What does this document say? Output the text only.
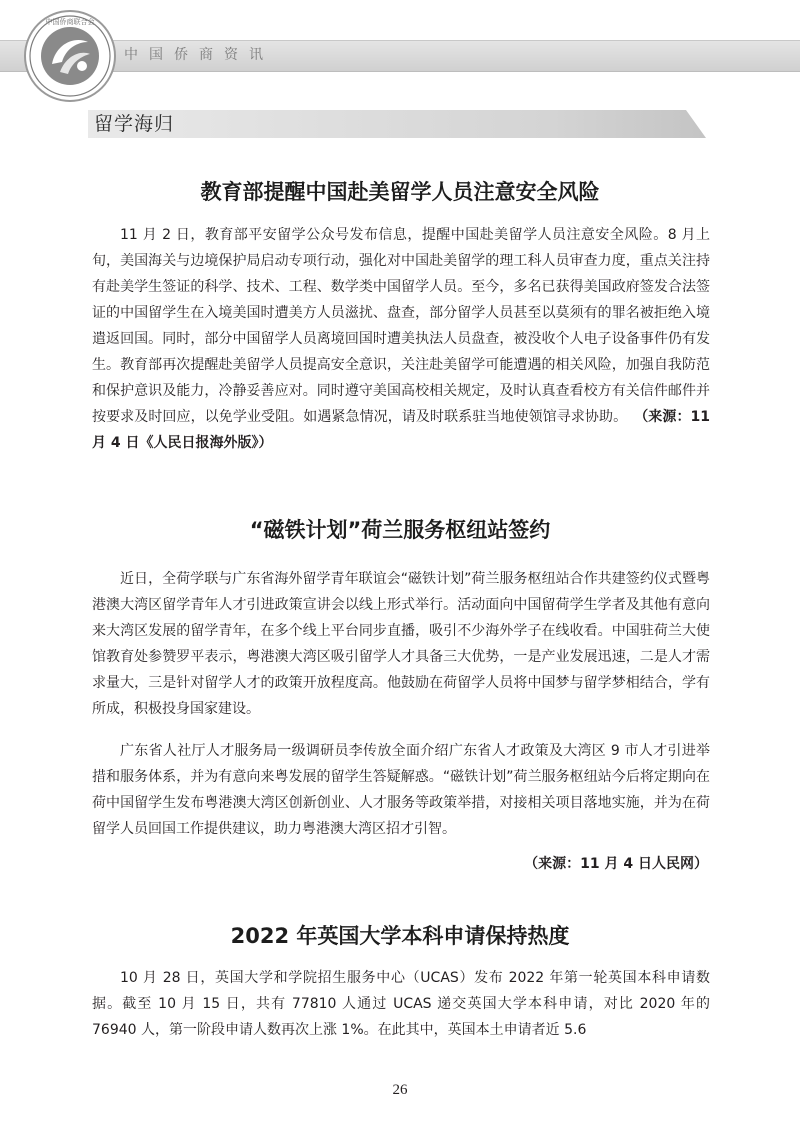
中国侨商资讯
中国侨商联合会
留学海归
教育部提醒中国赴美留学人员注意安全风险

11 月 2 日，教育部平安留学公众号发布信息，提醒中国赴美留学人员注意安全风险。8 月上旬，美国海关与边境保护局启动专项行动，强化对中国赴美留学的理工科人员审查力度，重点关注持有赴美学生签证的科学、技术、工程、数学类中国留学人员。至今，多名已获得美国政府签发合法签证的中国留学生在入境美国时遭美方人员滋扰、盘查，部分留学人员甚至以莫须有的罪名被拒绝入境遣返回国。同时，部分中国留学人员离境回国时遭美执法人员盘查，被没收个人电子设备事件仍有发生。教育部再次提醒赴美留学人员提高安全意识，关注赴美留学可能遭遇的相关风险，加强自我防范和保护意识及能力，冷静妥善应对。同时遵守美国高校相关规定，及时认真查看校方有关信件邮件并按要求及时回应，以免学业受阻。如遇紧急情况，请及时联系驻当地使领馆寻求协助。 （来源：11 月 4 日《人民日报海外版》）

“磁铁计划”荷兰服务枢纽站签约

近日，全荷学联与广东省海外留学青年联谊会“磁铁计划”荷兰服务枢纽站合作共建签约仪式暨粤港澳大湾区留学青年人才引进政策宣讲会以线上形式举行。活动面向中国留荷学生学者及其他有意向来大湾区发展的留学青年，在多个线上平台同步直播，吸引不少海外学子在线收看。中国驻荷兰大使馆教育处参赞罗平表示，粤港澳大湾区吸引留学人才具备三大优势，一是产业发展迅速，二是人才需求量大，三是针对留学人才的政策开放程度高。他鼓励在荷留学人员将中国梦与留学梦相结合，学有所成，积极投身国家建设。

广东省人社厅人才服务局一级调研员李传放全面介绍广东省人才政策及大湾区 9 市人才引进举措和服务体系，并为有意向来粤发展的留学生答疑解惑。“磁铁计划”荷兰服务枢纽站今后将定期向在荷中国留学生发布粤港澳大湾区创新创业、人才服务等政策举措，对接相关项目落地实施，并为在荷留学人员回国工作提供建议，助力粤港澳大湾区招才引智。

（来源：11 月 4 日人民网）
2022 年英国大学本科申请保持热度

10 月 28 日，英国大学和学院招生服务中心（UCAS）发布 2022 年第一轮英国本科申请数据。截至 10 月 15 日，共有 77810 人通过 UCAS 递交英国大学本科申请，对比 2020 年的 76940 人，第一阶段申请人数再次上涨 1%。在此其中，英国本土申请者近 5.6

26
